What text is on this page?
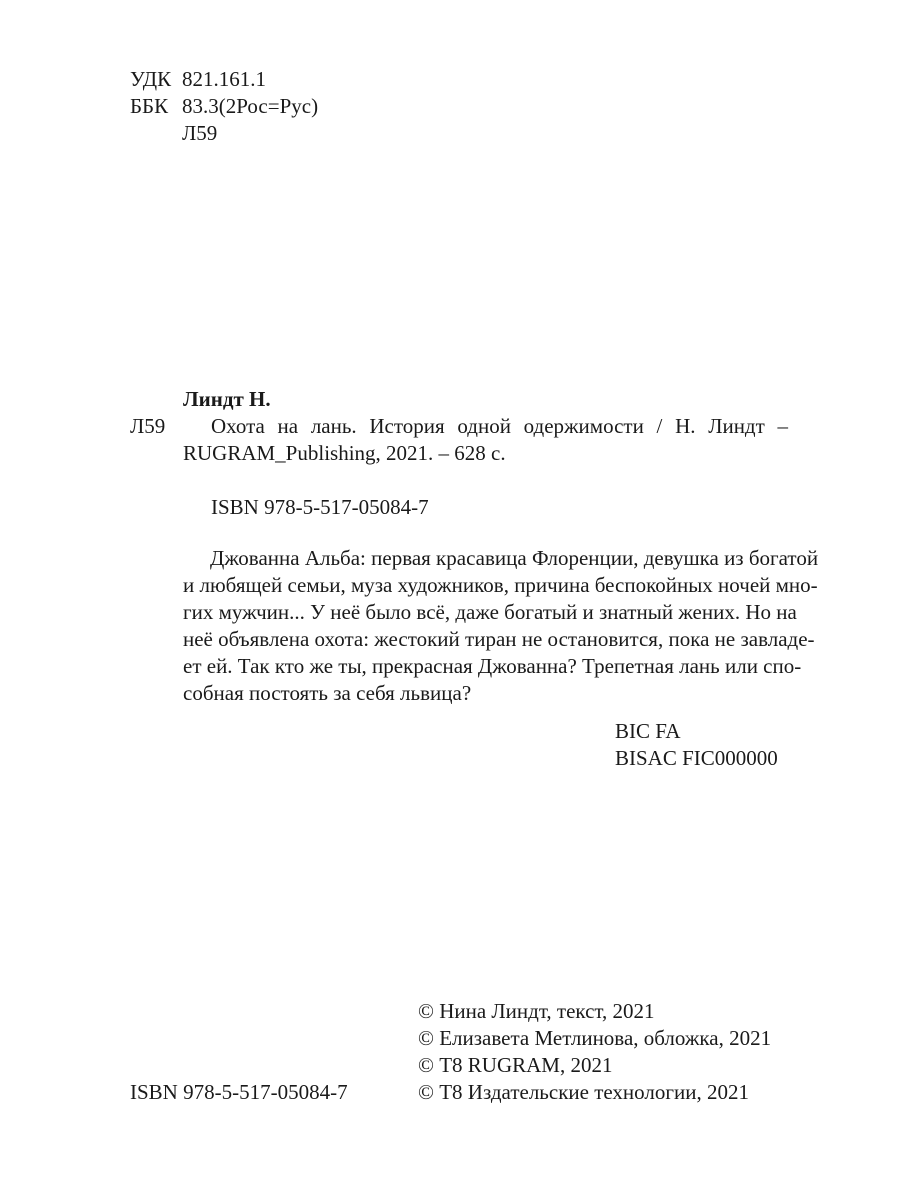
УДК 821.161.1
ББК 83.3(2Рос=Рус)
Л59
Линдт Н.
Л59 Охота на лань. История одной одержимости / Н. Линдт –
RUGRAM_Publishing, 2021. – 628 с.
ISBN 978-5-517-05084-7
Джованна Альба: первая красавица Флоренции, девушка из богатой
и любящей семьи, муза художников, причина беспокойных ночей мно-
гих мужчин... У неё было всё, даже богатый и знатный жених. Но на
неё объявлена охота: жестокий тиран не остановится, пока не завладе-
ет ей. Так кто же ты, прекрасная Джованна? Трепетная лань или спо-
собная постоять за себя львица?
BIC FA
BISAC FIC000000
© Нина Линдт, текст, 2021
© Елизавета Метлинова, обложка, 2021
© Т8 RUGRAM, 2021
ISBN 978-5-517-05084-7	© Т8 Издательские технологии, 2021
